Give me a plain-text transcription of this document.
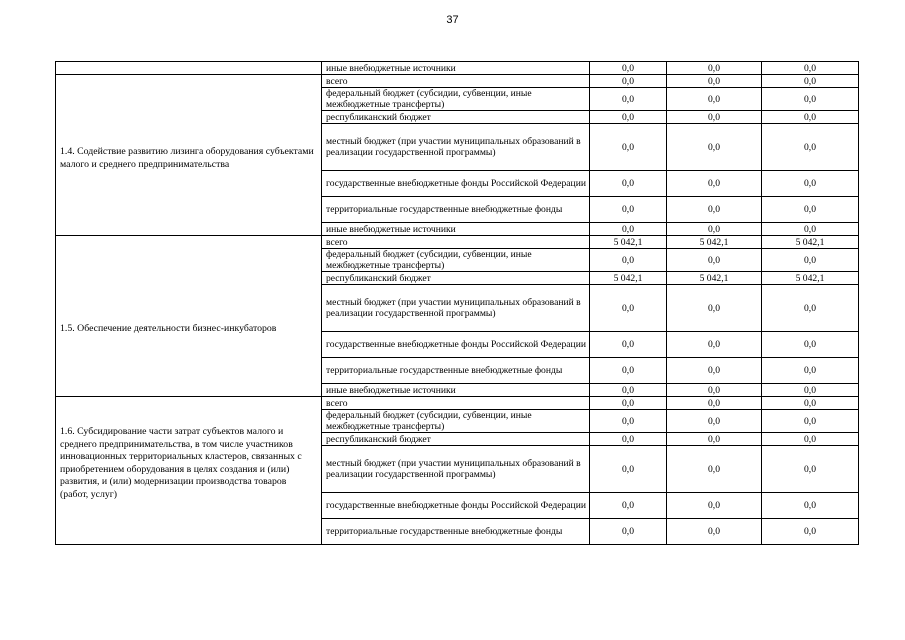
37
	иные внебюджетные источники	0,0	0,0	0,0
1.4. Содействие развитию лизинга оборудования субъектами малого и среднего предпринимательства	всего	0,0	0,0	0,0
	федеральный бюджет (субсидии, субвенции, иные межбюджетные трансферты)	0,0	0,0	0,0
	республиканский бюджет	0,0	0,0	0,0
	местный бюджет (при участии муниципальных образований в реализации государственной программы)	0,0	0,0	0,0
	государственные внебюджетные фонды Российской Федерации	0,0	0,0	0,0
	территориальные государственные внебюджетные фонды	0,0	0,0	0,0
	иные внебюджетные источники	0,0	0,0	0,0
1.5. Обеспечение деятельности бизнес-инкубаторов	всего	5 042,1	5 042,1	5 042,1
	федеральный бюджет (субсидии, субвенции, иные межбюджетные трансферты)	0,0	0,0	0,0
	республиканский бюджет	5 042,1	5 042,1	5 042,1
	местный бюджет (при участии муниципальных образований в реализации государственной программы)	0,0	0,0	0,0
	государственные внебюджетные фонды Российской Федерации	0,0	0,0	0,0
	территориальные государственные внебюджетные фонды	0,0	0,0	0,0
	иные внебюджетные источники	0,0	0,0	0,0
1.6. Субсидирование части затрат субъектов малого и среднего предпринимательства, в том числе участников инновационных территориальных кластеров, связанных с приобретением оборудования в целях создания и (или) развития, и (или) модернизации производства товаров (работ, услуг)	всего	0,0	0,0	0,0
	федеральный бюджет (субсидии, субвенции, иные межбюджетные трансферты)	0,0	0,0	0,0
	республиканский бюджет	0,0	0,0	0,0
	местный бюджет (при участии муниципальных образований в реализации государственной программы)	0,0	0,0	0,0
	государственные внебюджетные фонды Российской Федерации	0,0	0,0	0,0
	территориальные государственные внебюджетные фонды	0,0	0,0	0,0
